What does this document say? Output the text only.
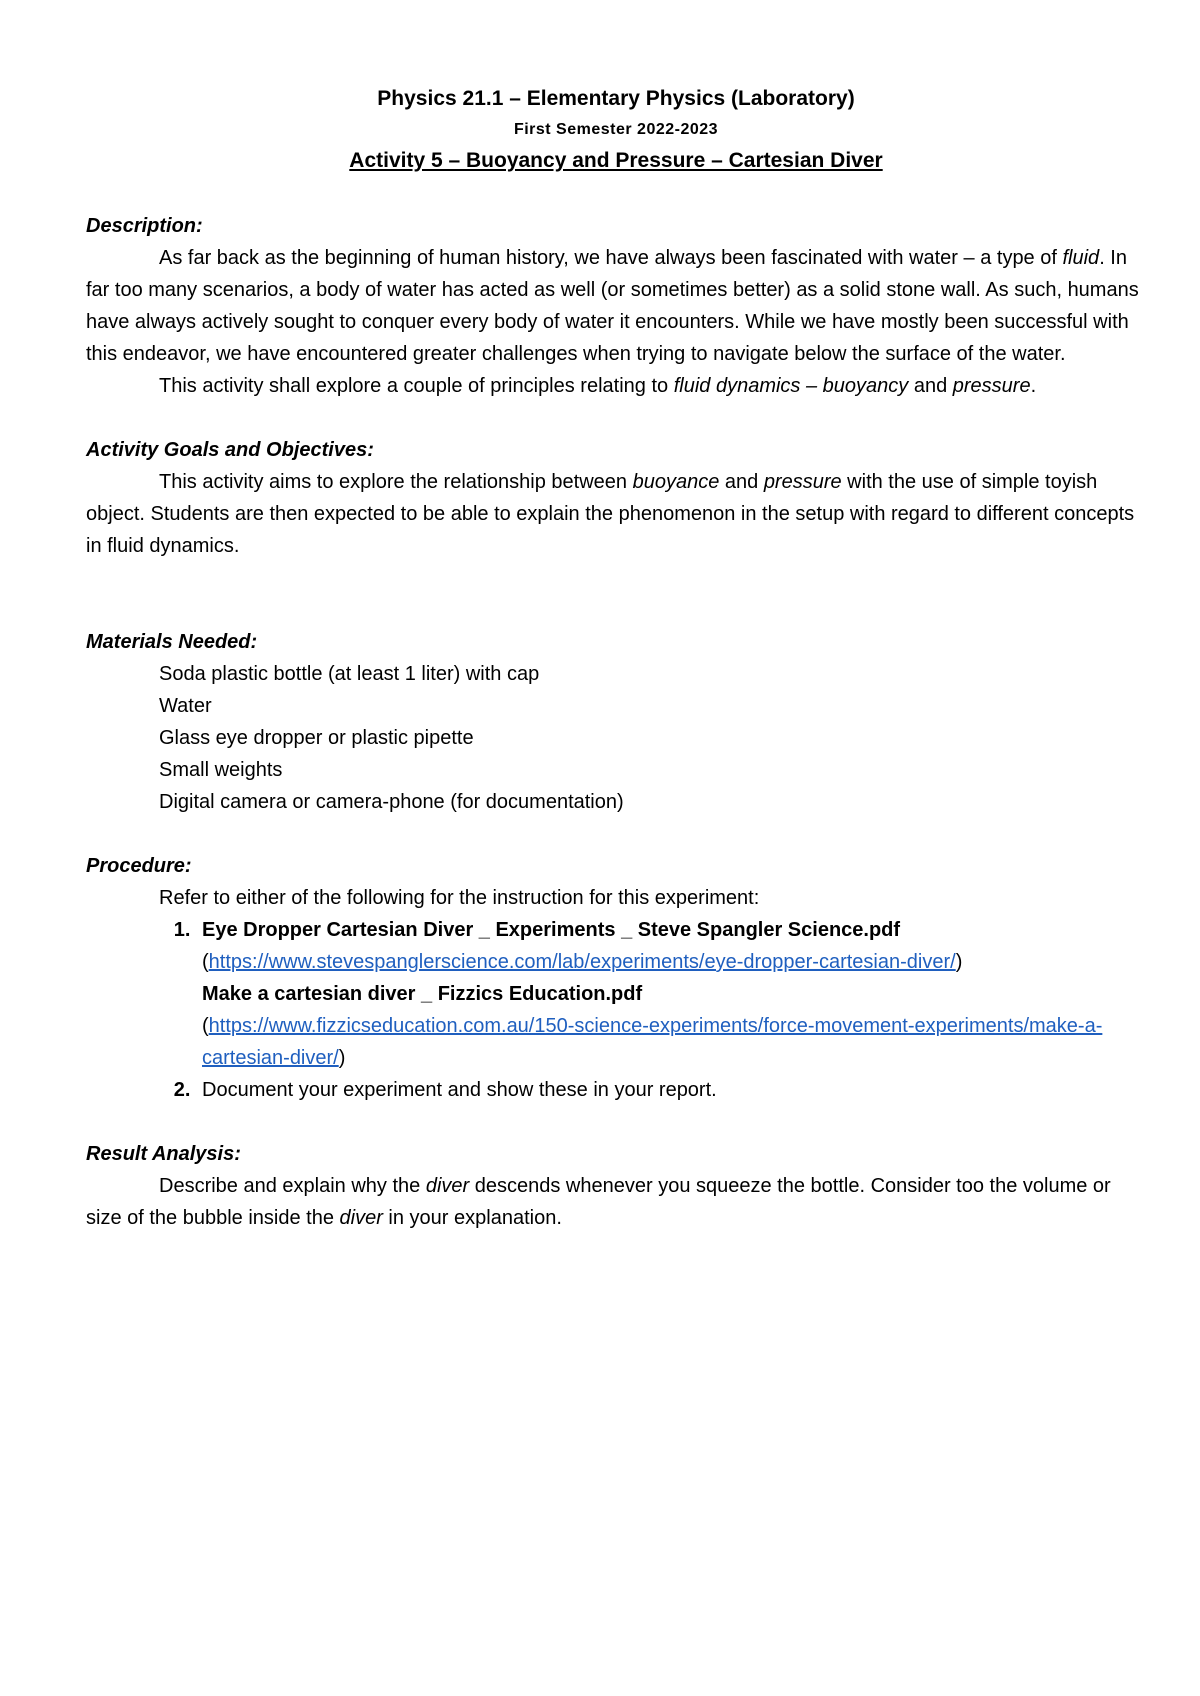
Physics 21.1 – Elementary Physics (Laboratory)
First Semester 2022-2023
Activity 5 – Buoyancy and Pressure – Cartesian Diver

Description:

As far back as the beginning of human history, we have always been fascinated with water – a type of fluid. In far too many scenarios, a body of water has acted as well (or sometimes better) as a solid stone wall. As such, humans have always actively sought to conquer every body of water it encounters. While we have mostly been successful with this endeavor, we have encountered greater challenges when trying to navigate below the surface of the water.

This activity shall explore a couple of principles relating to fluid dynamics – buoyancy and pressure.

Activity Goals and Objectives:

This activity aims to explore the relationship between buoyance and pressure with the use of simple toyish object. Students are then expected to be able to explain the phenomenon in the setup with regard to different concepts in fluid dynamics.

Materials Needed:

Soda plastic bottle (at least 1 liter) with cap
Water
Glass eye dropper or plastic pipette
Small weights
Digital camera or camera-phone (for documentation)

Procedure:

Refer to either of the following for the instruction for this experiment:

1. Eye Dropper Cartesian Diver _ Experiments _ Steve Spangler Science.pdf
(https://www.stevespanglerscience.com/lab/experiments/eye-dropper-cartesian-diver/)
Make a cartesian diver _ Fizzics Education.pdf
(https://www.fizzicseducation.com.au/150-science-experiments/force-movement-experiments/make-a-cartesian-diver/)
2. Document your experiment and show these in your report.

Result Analysis:

Describe and explain why the diver descends whenever you squeeze the bottle. Consider too the volume or size of the bubble inside the diver in your explanation.
